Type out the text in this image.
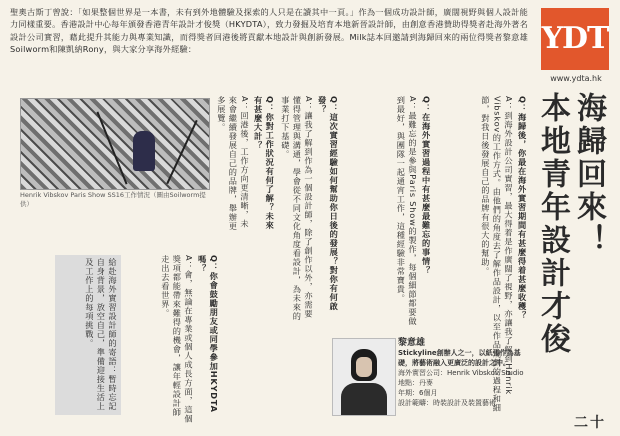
聖奧古斯丁曾說：「如果整個世界是一本書，未有到外地體驗及探索的人只是在讀其中一頁。」作為一個成功設計師，廣闊視野與個人設計能力同樣重要。香港設計中心每年頒發香港青年設計才俊獎（HKYDTA），致力發掘及培育本地新晉設計師，由創意香港贊助得獎者赴海外著名設計公司實習，藉此提升其能力與專業知識，而得獎者回港後將貢獻本地設計與創新發展。Milk誌本回邀請到海歸回來的兩位得獎者黎意雄Soilworm和陳凱納Rony，與大家分享海外經驗：	YDT
www.ydta.hk
海歸回來！
本地青年設計才俊
Henrik Vibskov Paris Show SS16工作情況（圖由Soilworm提供）	Q：海歸後，你最在海外實習期間有甚麼得着甚麼收穫？
A：到海外設計公司實習，最大得着是作廣闊了視野，亦讓我了解到Henrik Vibskov的工作方式。由他們的角度去了解作品設計，以至作品規劃的過程和細節，對我日後發展自己的品牌有很大的幫助。
Q：在海外實習過程中有甚麼最難忘的事情？
A：最難忘的是參與Paris Show的製作，每個細節都要做到最好，與團隊一起通宵工作，這種經驗非常寶貴。
Q：這次實習經驗如何幫助你日後的發展？對你有何啟發？
A：讓我了解到作為一個設計師，除了創作以外，亦需要懂得管理與溝通，學會從不同文化角度看設計，為未來的事業打下基礎。
Q：你對工作狀況有何了解？未來有甚麼大計？
A：回港後，工作方向更清晰，未來會繼續發展自己的品牌，舉辦更多展覽。
Q：你會鼓勵朋友或同學參加HKYDTA嗎？
A：會，無論在專業或個人成長方面，這個獎項都能帶來難得的機會，讓年輕設計師走出去看世界。
給赴海外實習設計師的寄語：暫時忘記自身背景，放空自己，準備迎接生活上及工作上的每項挑戰。	黎意雄
Stickyline創辦人之一，以紙張作為基礎，將藝術融入更廣泛的設計之中。
海外實習公司：Henrik Vibskov Studio
地點：丹麥
年期：6個月
設計範疇：時裝設計及裝置藝術
二十
